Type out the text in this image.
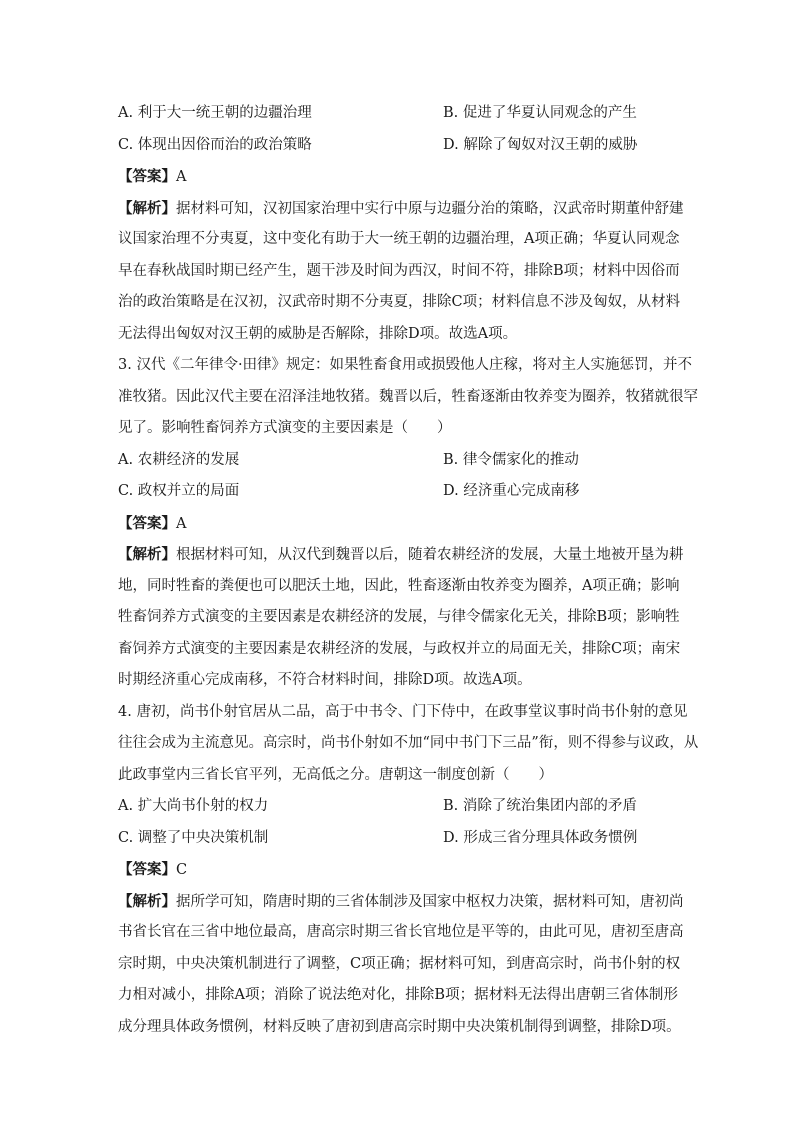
A. 利于大一统王朝的边疆治理	B. 促进了华夏认同观念的产生
C. 体现出因俗而治的政治策略	D. 解除了匈奴对汉王朝的威胁
【答案】A
【解析】据材料可知，汉初国家治理中实行中原与边疆分治的策略，汉武帝时期董仲舒建
议国家治理不分夷夏，这中变化有助于大一统王朝的边疆治理，A项正确；华夏认同观念
早在春秋战国时期已经产生，题干涉及时间为西汉，时间不符，排除B项；材料中因俗而
治的政治策略是在汉初，汉武帝时期不分夷夏，排除C项；材料信息不涉及匈奴，从材料
无法得出匈奴对汉王朝的威胁是否解除，排除D项。故选A项。
3. 汉代《二年律令·田律》规定：如果牲畜食用或损毁他人庄稼，将对主人实施惩罚，并不
准牧猪。因此汉代主要在沼泽洼地牧猪。魏晋以后，牲畜逐渐由牧养变为圈养，牧猪就很罕
见了。影响牲畜饲养方式演变的主要因素是（　　）
A. 农耕经济的发展	B. 律令儒家化的推动
C. 政权并立的局面	D. 经济重心完成南移
【答案】A
【解析】根据材料可知，从汉代到魏晋以后，随着农耕经济的发展，大量土地被开垦为耕
地，同时牲畜的粪便也可以肥沃土地，因此，牲畜逐渐由牧养变为圈养，A项正确；影响
牲畜饲养方式演变的主要因素是农耕经济的发展，与律令儒家化无关，排除B项；影响牲
畜饲养方式演变的主要因素是农耕经济的发展，与政权并立的局面无关，排除C项；南宋
时期经济重心完成南移，不符合材料时间，排除D项。故选A项。
4. 唐初，尚书仆射官居从二品，高于中书令、门下侍中，在政事堂议事时尚书仆射的意见
往往会成为主流意见。高宗时，尚书仆射如不加“同中书门下三品”衔，则不得参与议政，从
此政事堂内三省长官平列，无高低之分。唐朝这一制度创新（　　）
A. 扩大尚书仆射的权力	B. 消除了统治集团内部的矛盾
C. 调整了中央决策机制	D. 形成三省分理具体政务惯例
【答案】C
【解析】据所学可知，隋唐时期的三省体制涉及国家中枢权力决策，据材料可知，唐初尚
书省长官在三省中地位最高，唐高宗时期三省长官地位是平等的，由此可见，唐初至唐高
宗时期，中央决策机制进行了调整，C项正确；据材料可知，到唐高宗时，尚书仆射的权
力相对减小，排除A项；消除了说法绝对化，排除B项；据材料无法得出唐朝三省体制形
成分理具体政务惯例，材料反映了唐初到唐高宗时期中央决策机制得到调整，排除D项。
